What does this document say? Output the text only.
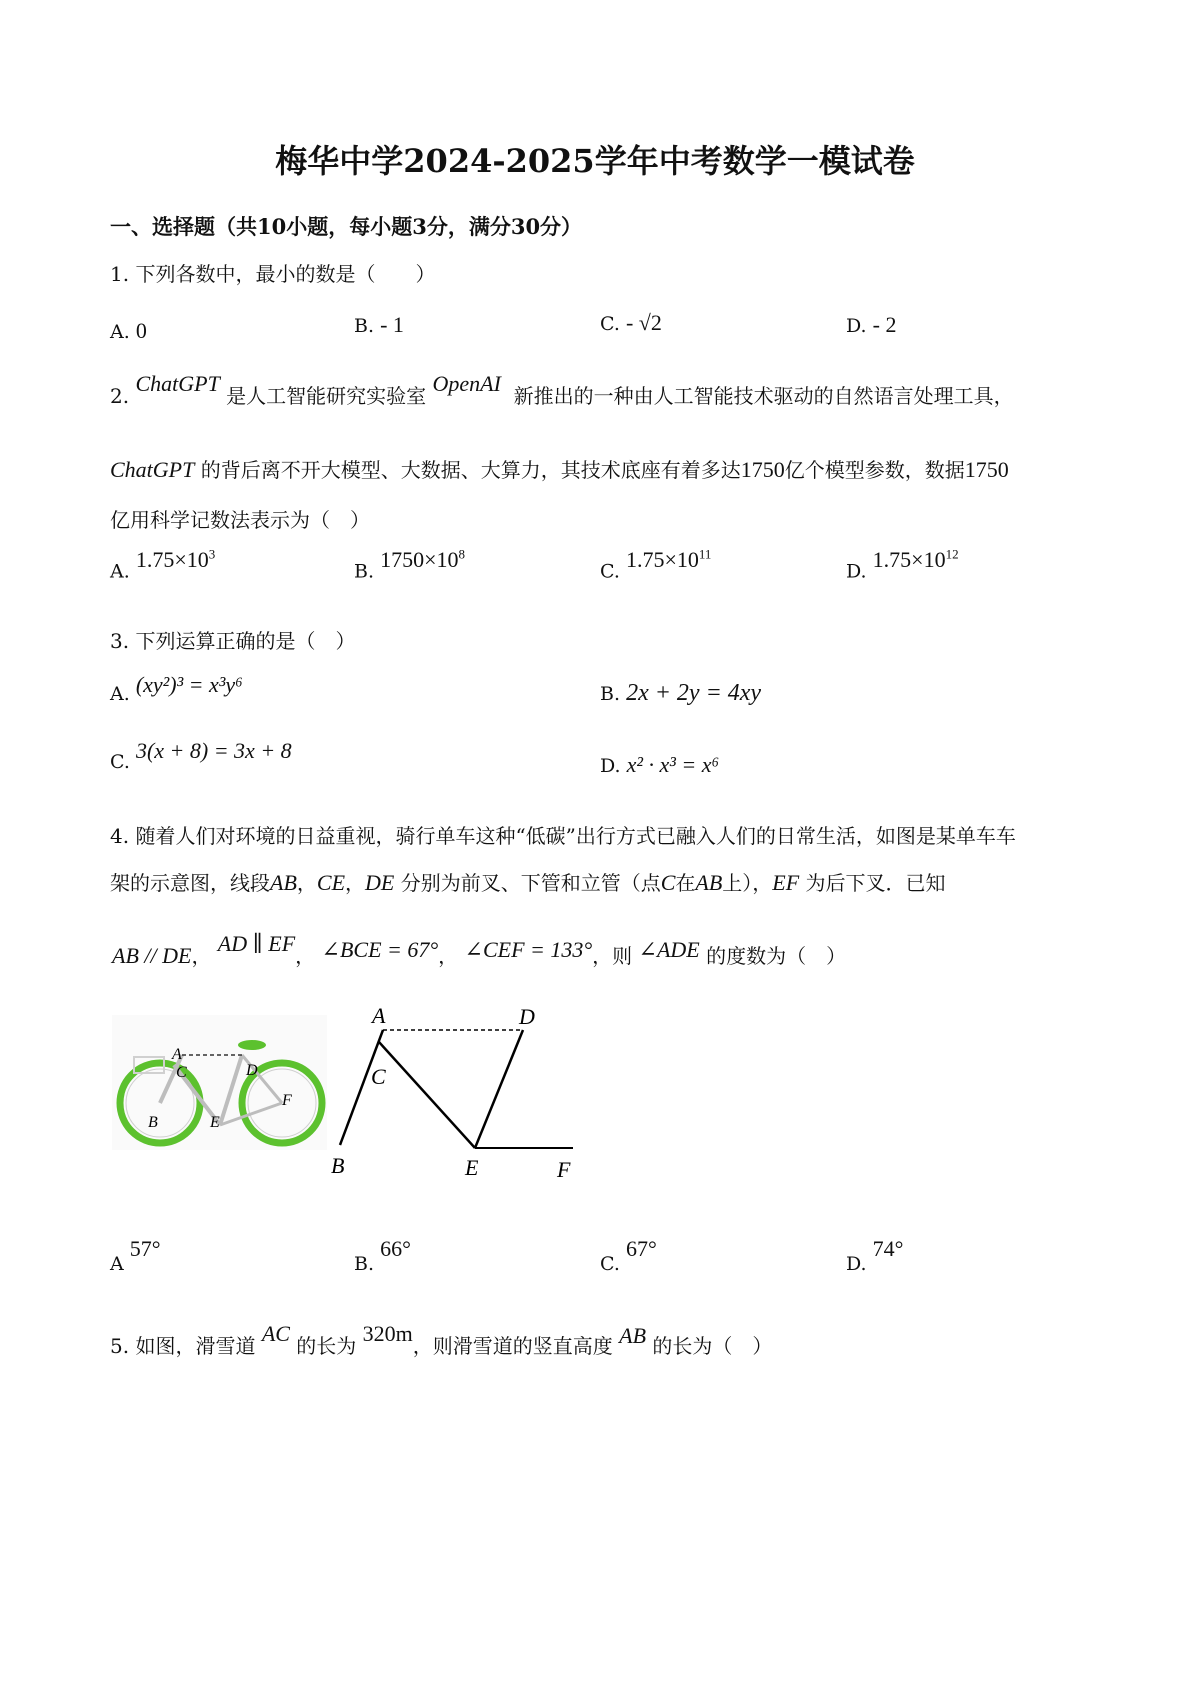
梅华中学2024-2025学年中考数学一模试卷
一、选择题（共10小题，每小题3分，满分30分）
1. 下列各数中，最小的数是（　　）
A. 0	B. - 1	C. - √2	D. - 2
2. ChatGPT 是人工智能研究实验室 OpenAI 新推出的一种由人工智能技术驱动的自然语言处理工具，
ChatGPT 的背后离不开大模型、大数据、大算力，其技术底座有着多达1750亿个模型参数，数据1750
亿用科学记数法表示为（　）
A. $1.75\times 10^3$
B. $1750\times 10^8$
C. $1.75\times 10^{11}$
D. $1.75\times 10^{12}$
3. 下列运算正确的是（　）
A. (xy²)³ = x³y⁶	B. 2x + 2y = 4xy
C. 3(x + 8) = 3x + 8
D. x² · x³ = x⁶
4. 随着人们对环境的日益重视，骑行单车这种“低碳”出行方式已融入人们的日常生活，如图是某单车车
架的示意图，线段AB，CE，DE 分别为前叉、下管和立管（点C在AB上），EF 为后下叉．已知
AB // DE， AD ∥ EF， ∠BCE = 67°， ∠CEF = 133°，则 ∠ADE 的度数为（　）
A
C	D
B	E
F
A	D
C
B	E	F
A 57°
B. 66°
C. 67°
D. 74°
5. 如图，滑雪道 AC 的长为 320m，则滑雪道的竖直高度 AB 的长为（　）
